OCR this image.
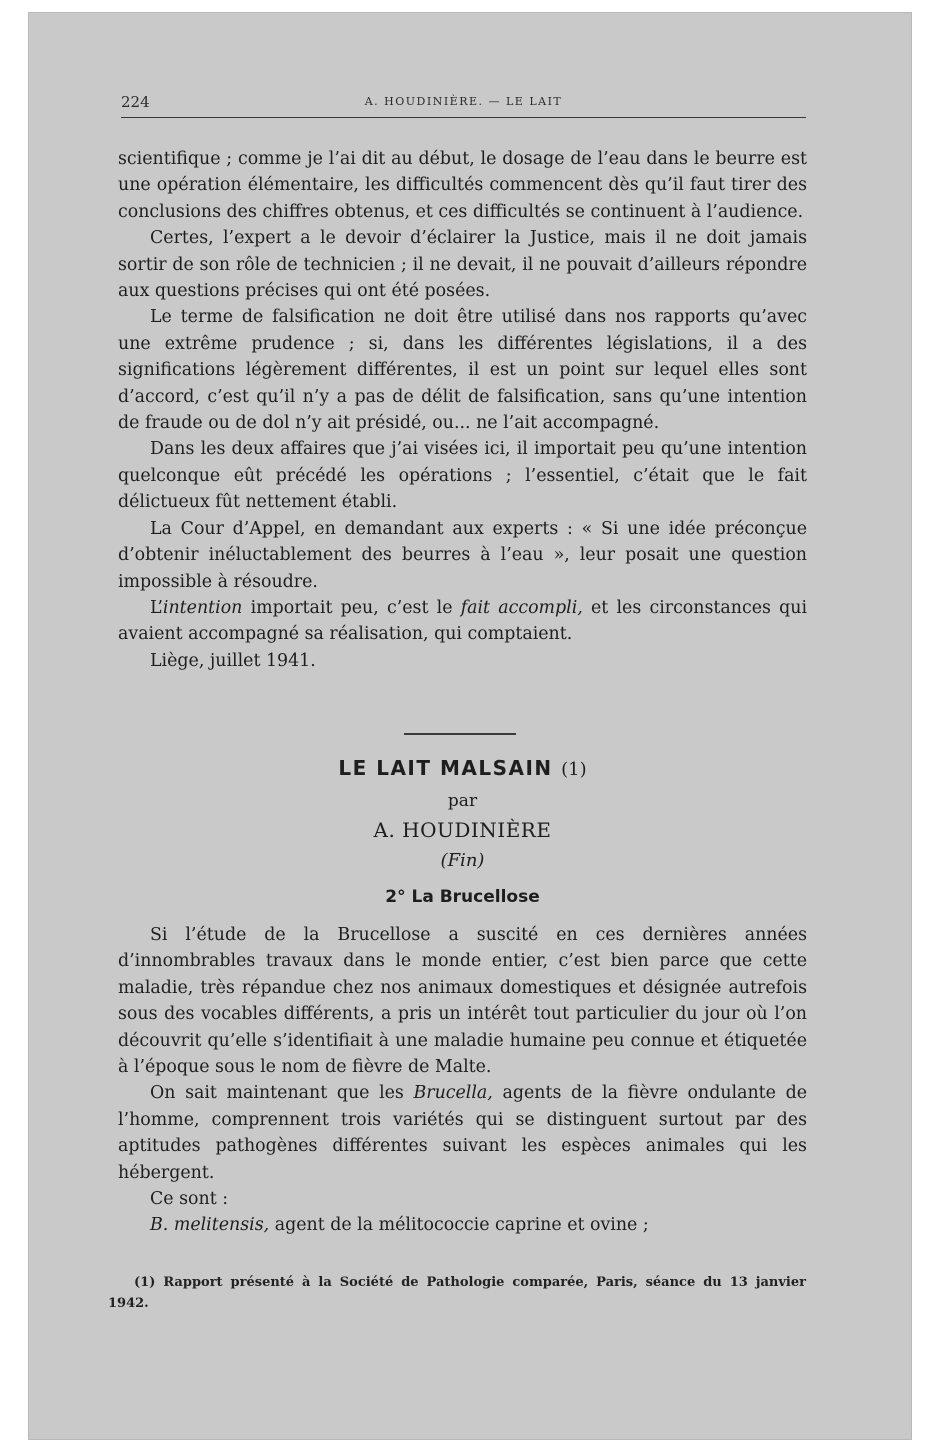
224	A. HOUDINIÈRE. — LE LAIT

scientifique ; comme je l’ai dit au début, le dosage de l’eau dans le beurre est une opération élémentaire, les difficultés commencent dès qu’il faut tirer des conclusions des chiffres obtenus, et ces difficultés se continuent à l’audience.

Certes, l’expert a le devoir d’éclairer la Justice, mais il ne doit jamais sortir de son rôle de technicien ; il ne devait, il ne pouvait d’ailleurs répondre aux questions précises qui ont été posées.

Le terme de falsification ne doit être utilisé dans nos rapports qu’avec une extrême prudence ; si, dans les différentes législations, il a des significations légèrement différentes, il est un point sur lequel elles sont d’accord, c’est qu’il n’y a pas de délit de falsification, sans qu’une intention de fraude ou de dol n’y ait présidé, ou... ne l’ait accompagné.

Dans les deux affaires que j’ai visées ici, il importait peu qu’une intention quelconque eût précédé les opérations ; l’essentiel, c’était que le fait délictueux fût nettement établi.

La Cour d’Appel, en demandant aux experts : « Si une idée préconçue d’obtenir inéluctablement des beurres à l’eau », leur posait une question impossible à résoudre.

L’intention importait peu, c’est le fait accompli, et les circonstances qui avaient accompagné sa réalisation, qui comptaient.

Liège, juillet 1941.

LE LAIT MALSAIN (1)
par
A. HOUDINIÈRE
(Fin)
2° La Brucellose

Si l’étude de la Brucellose a suscité en ces dernières années d’innombrables travaux dans le monde entier, c’est bien parce que cette maladie, très répandue chez nos animaux domestiques et désignée autrefois sous des vocables différents, a pris un intérêt tout particulier du jour où l’on découvrit qu’elle s’identifiait à une maladie humaine peu connue et étiquetée à l’époque sous le nom de fièvre de Malte.

On sait maintenant que les Brucella, agents de la fièvre ondulante de l’homme, comprennent trois variétés qui se distinguent surtout par des aptitudes pathogènes différentes suivant les espèces animales qui les hébergent.

Ce sont :

B. melitensis, agent de la mélitococcie caprine et ovine ;

(1) Rapport présenté à la Société de Pathologie comparée, Paris, séance du 13 janvier 1942.
